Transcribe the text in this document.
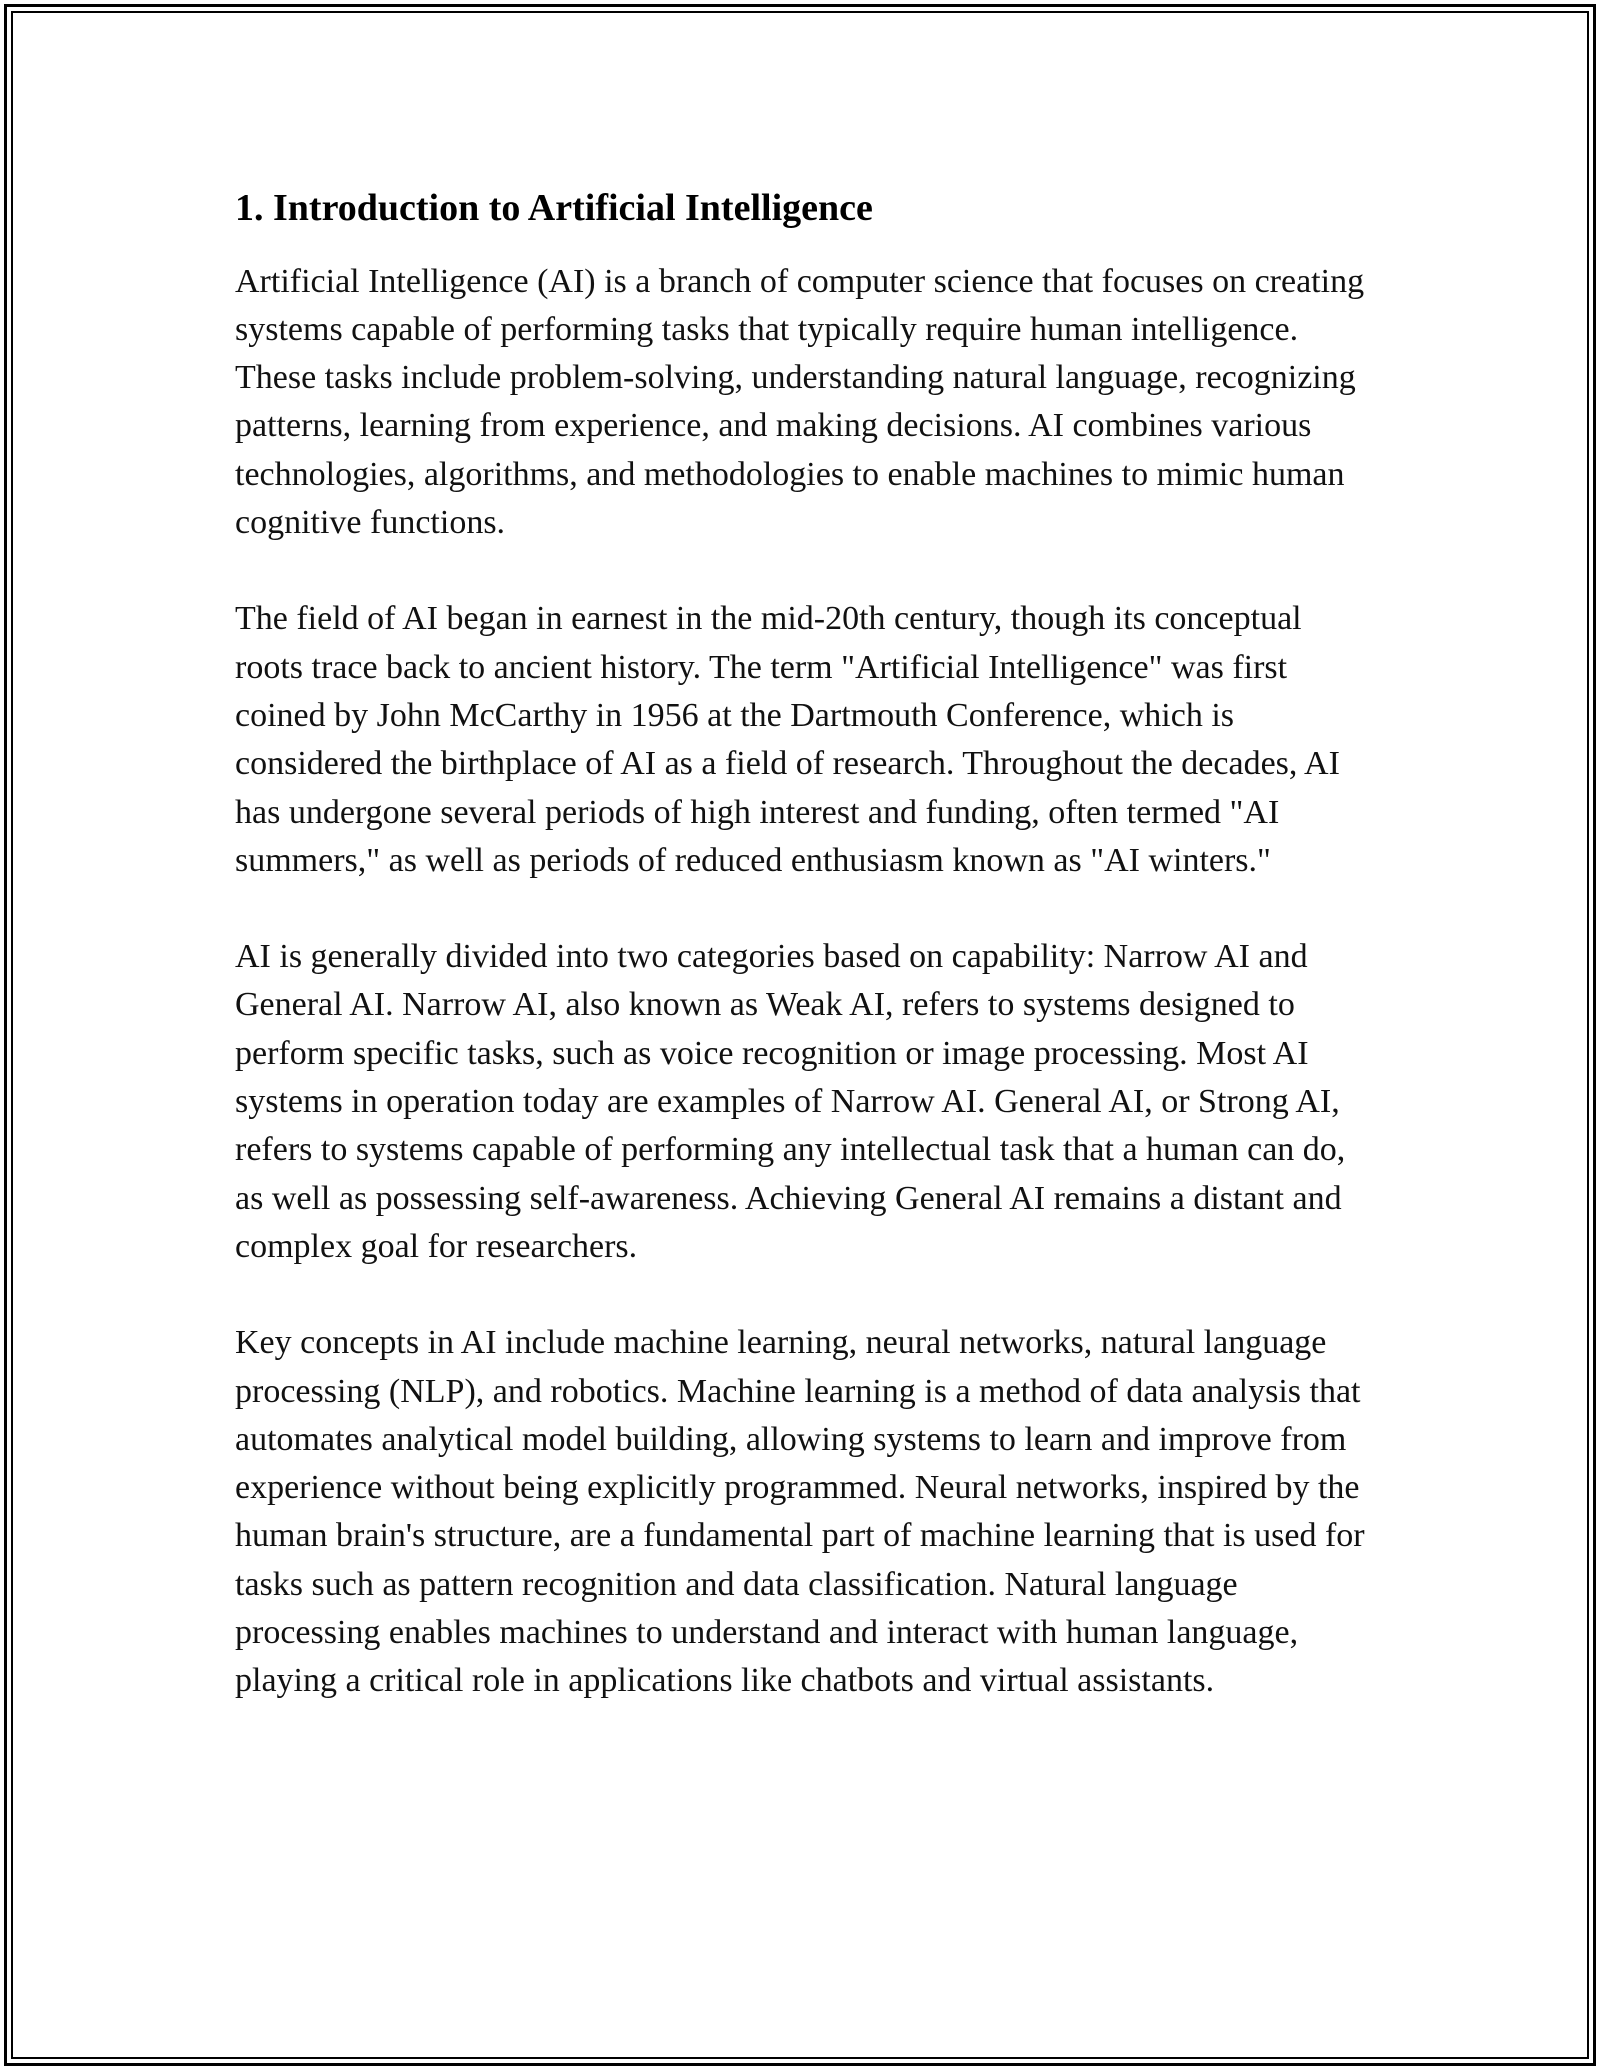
1. Introduction to Artificial Intelligence

Artificial Intelligence (AI) is a branch of computer science that focuses on creating systems capable of performing tasks that typically require human intelligence. These tasks include problem-solving, understanding natural language, recognizing patterns, learning from experience, and making decisions. AI combines various technologies, algorithms, and methodologies to enable machines to mimic human cognitive functions.

The field of AI began in earnest in the mid-20th century, though its conceptual roots trace back to ancient history. The term "Artificial Intelligence" was first coined by John McCarthy in 1956 at the Dartmouth Conference, which is considered the birthplace of AI as a field of research. Throughout the decades, AI has undergone several periods of high interest and funding, often termed "AI summers," as well as periods of reduced enthusiasm known as "AI winters."

AI is generally divided into two categories based on capability: Narrow AI and General AI. Narrow AI, also known as Weak AI, refers to systems designed to perform specific tasks, such as voice recognition or image processing. Most AI systems in operation today are examples of Narrow AI. General AI, or Strong AI, refers to systems capable of performing any intellectual task that a human can do, as well as possessing self-awareness. Achieving General AI remains a distant and complex goal for researchers.

Key concepts in AI include machine learning, neural networks, natural language processing (NLP), and robotics. Machine learning is a method of data analysis that automates analytical model building, allowing systems to learn and improve from experience without being explicitly programmed. Neural networks, inspired by the human brain's structure, are a fundamental part of machine learning that is used for tasks such as pattern recognition and data classification. Natural language processing enables machines to understand and interact with human language, playing a critical role in applications like chatbots and virtual assistants.
